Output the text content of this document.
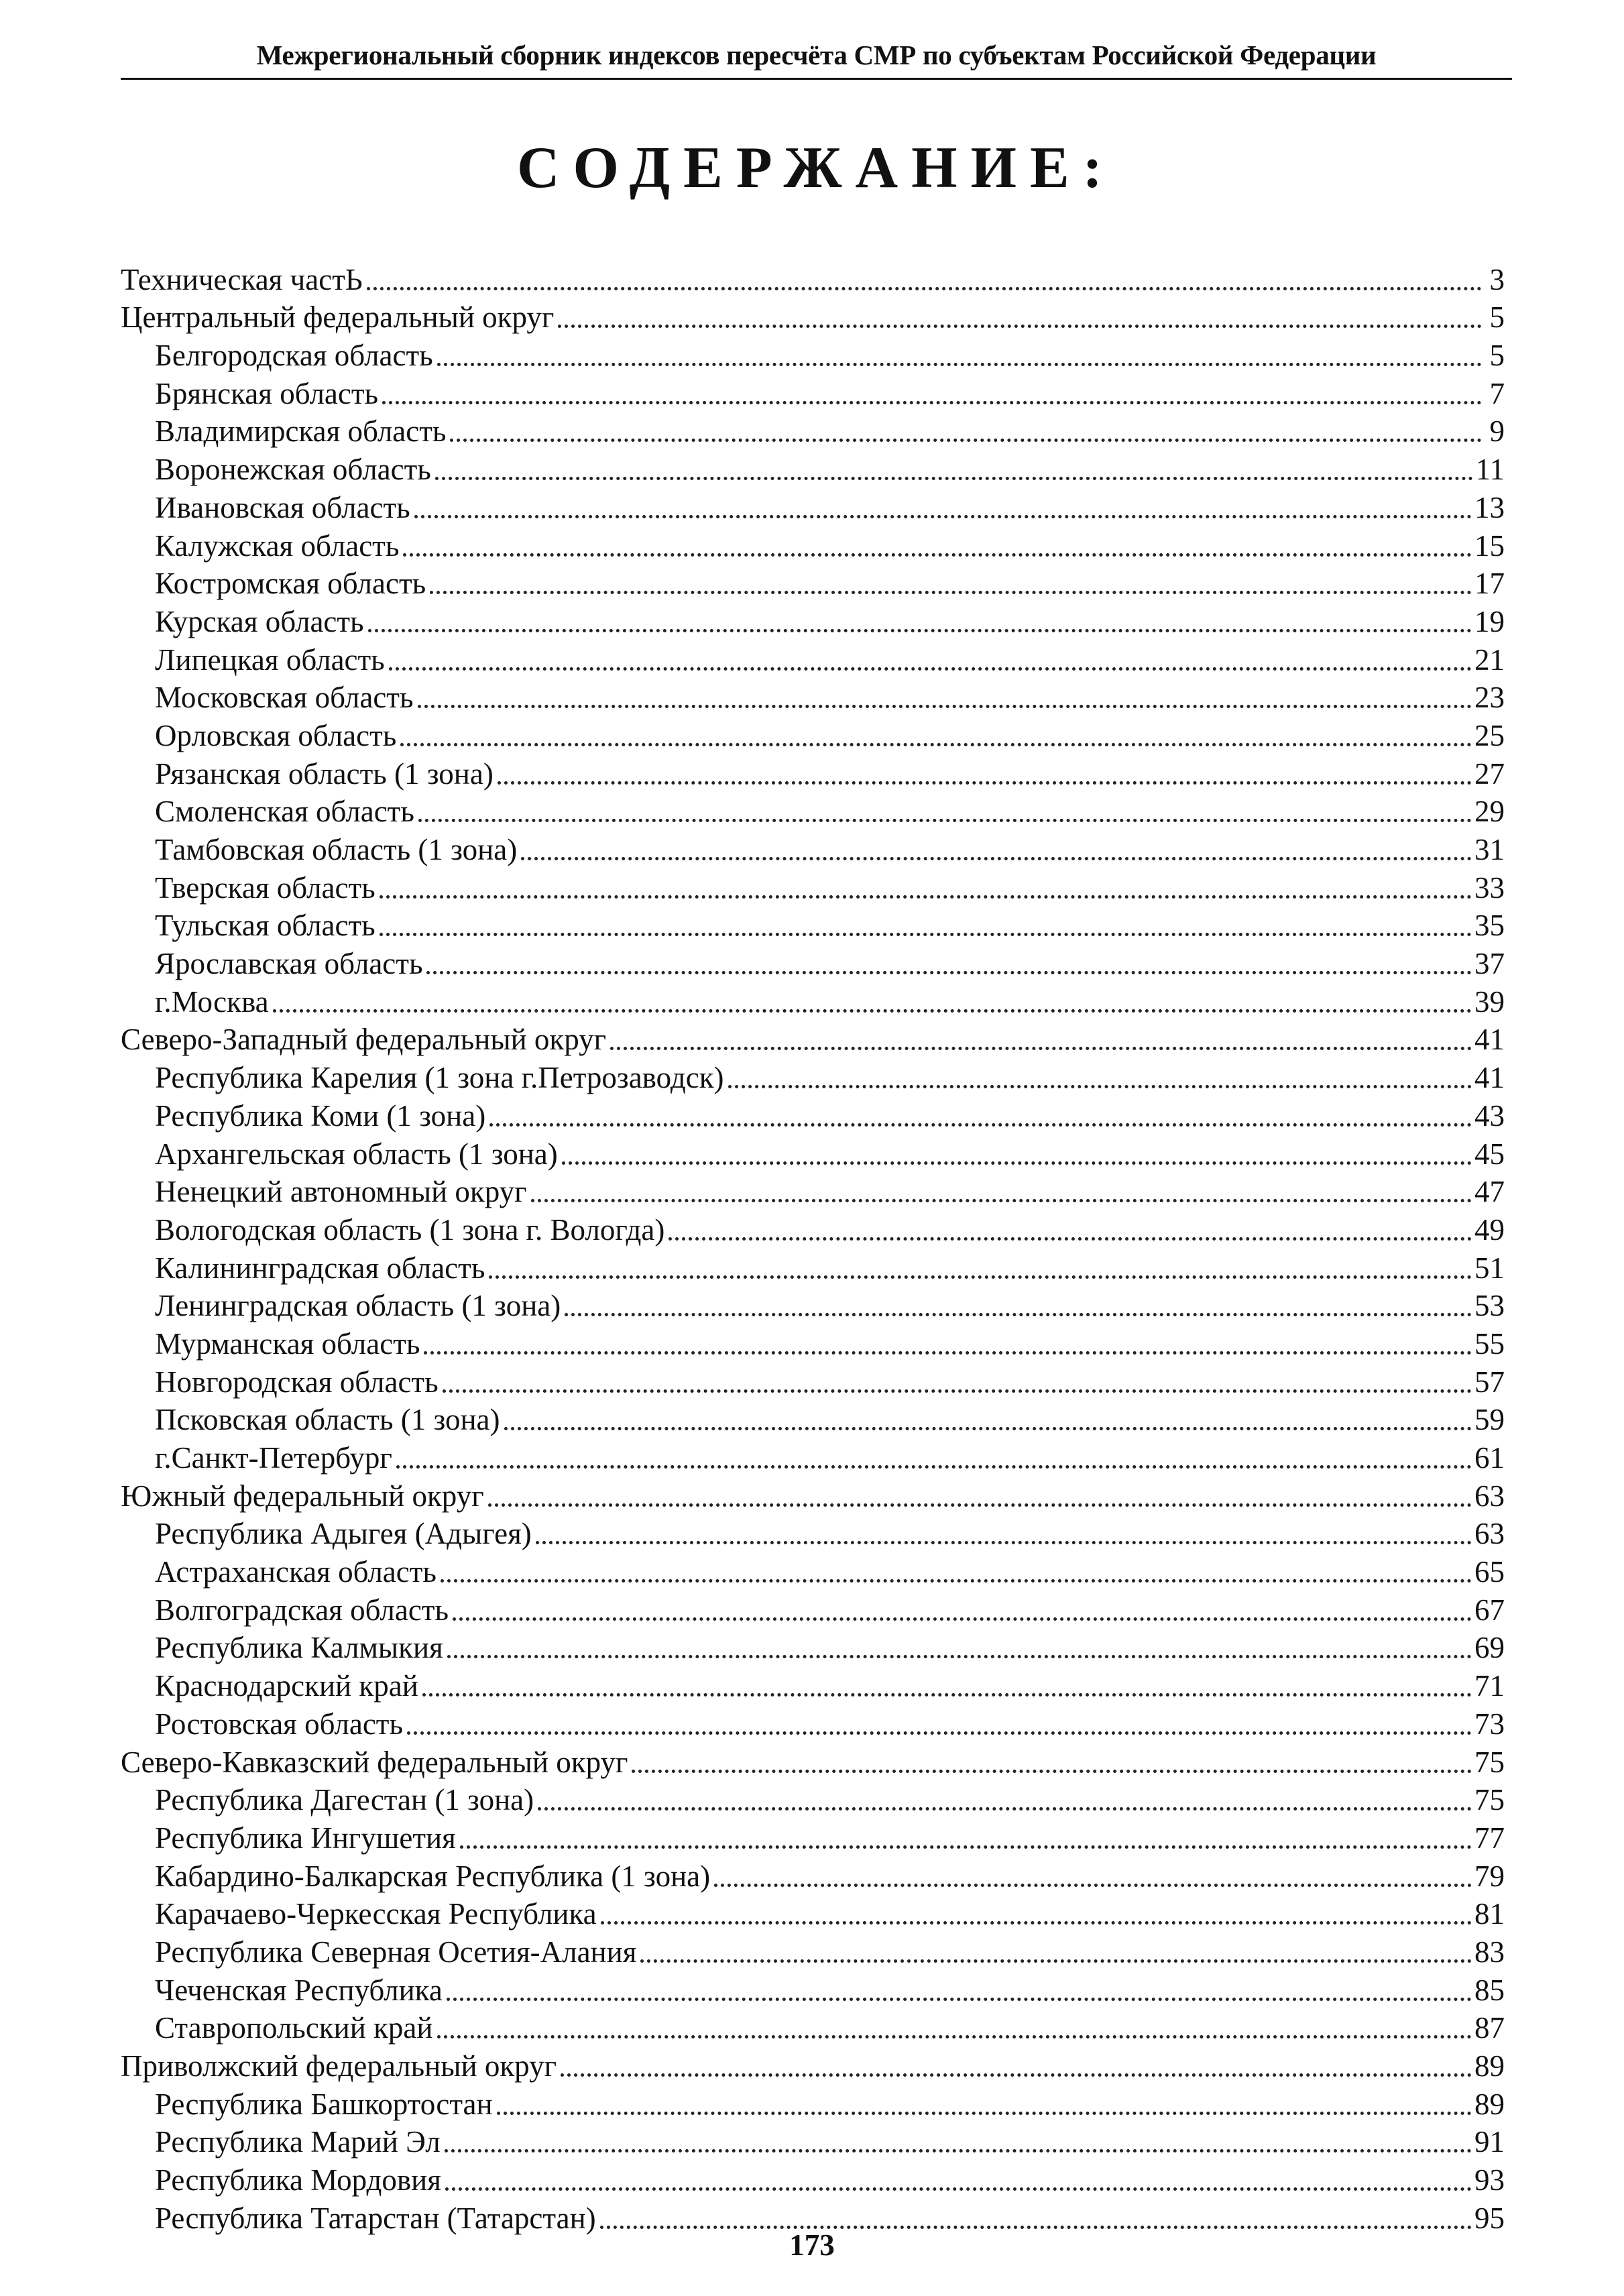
Межрегиональный сборник индексов пересчёта СМР по субъектам Российской Федерации
СОДЕРЖАНИЕ:
Техническая частЬ	3
Центральный федеральный округ	5
Белгородская область	5
Брянская область	7
Владимирская область	9
Воронежская область	11
Ивановская область	13
Калужская область	15
Костромская область	17
Курская область	19
Липецкая область	21
Московская область	23
Орловская область	25
Рязанская область (1 зона)	27
Смоленская область	29
Тамбовская область (1 зона)	31
Тверская область	33
Тульская область	35
Ярославская область	37
г.Москва	39
Северо-Западный федеральный округ	41
Республика Карелия (1 зона г.Петрозаводск)	41
Республика Коми (1 зона)	43
Архангельская область (1 зона)	45
Ненецкий автономный округ	47
Вологодская область (1 зона г. Вологда)	49
Калининградская область	51
Ленинградская область (1 зона)	53
Мурманская область	55
Новгородская область	57
Псковская область (1 зона)	59
г.Санкт-Петербург	61
Южный федеральный округ	63
Республика Адыгея (Адыгея)	63
Астраханская область	65
Волгоградская область	67
Республика Калмыкия	69
Краснодарский край	71
Ростовская область	73
Северо-Кавказский федеральный округ	75
Республика Дагестан (1 зона)	75
Республика Ингушетия	77
Кабардино-Балкарская Республика (1 зона)	79
Карачаево-Черкесская Республика	81
Республика Северная Осетия-Алания	83
Чеченская Республика	85
Ставропольский край	87
Приволжский федеральный округ	89
Республика Башкортостан	89
Республика Марий Эл	91
Республика Мордовия	93
Республика Татарстан (Татарстан)	95
173
